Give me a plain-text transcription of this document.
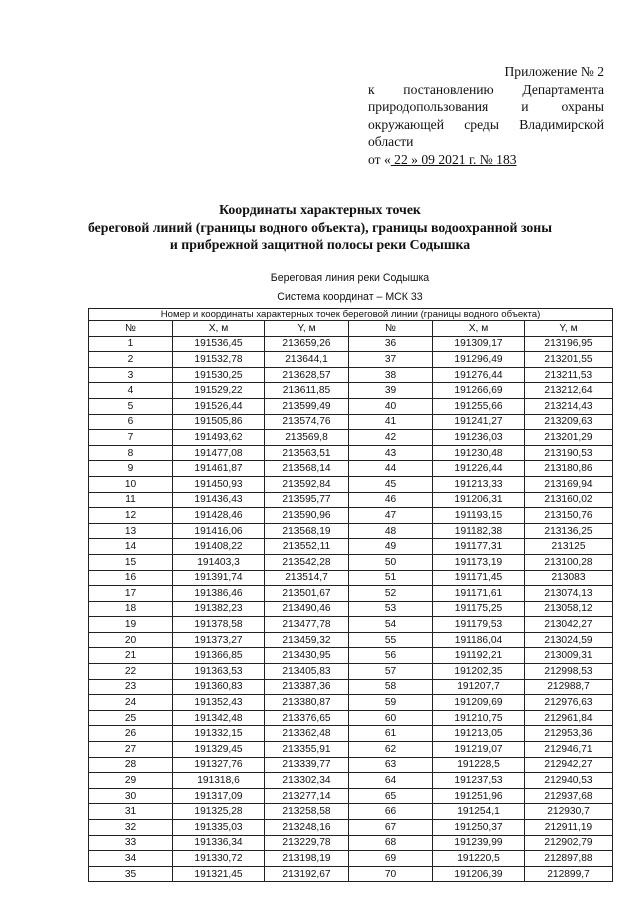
Приложение № 2
к постановлению Департамента
природопользования и охраны
окружающей среды Владимирской
области
от « 22 » 09 2021 г. № 183
Координаты характерных точек
береговой линий (границы водного объекта), границы водоохранной зоны
и прибрежной защитной полосы реки Содышка
Береговая линия реки Содышка
Система координат – МСК 33
Номер и координаты характерных точек береговой линии (границы водного объекта)					
№	X, м	Y, м	№	X, м	Y, м
1	191536,45	213659,26	36	191309,17	213196,95
2	191532,78	213644,1	37	191296,49	213201,55
3	191530,25	213628,57	38	191276,44	213211,53
4	191529,22	213611,85	39	191266,69	213212,64
5	191526,44	213599,49	40	191255,66	213214,43
6	191505,86	213574,76	41	191241,27	213209,63
7	191493,62	213569,8	42	191236,03	213201,29
8	191477,08	213563,51	43	191230,48	213190,53
9	191461,87	213568,14	44	191226,44	213180,86
10	191450,93	213592,84	45	191213,33	213169,94
11	191436,43	213595,77	46	191206,31	213160,02
12	191428,46	213590,96	47	191193,15	213150,76
13	191416,06	213568,19	48	191182,38	213136,25
14	191408,22	213552,11	49	191177,31	213125
15	191403,3	213542,28	50	191173,19	213100,28
16	191391,74	213514,7	51	191171,45	213083
17	191386,46	213501,67	52	191171,61	213074,13
18	191382,23	213490,46	53	191175,25	213058,12
19	191378,58	213477,78	54	191179,53	213042,27
20	191373,27	213459,32	55	191186,04	213024,59
21	191366,85	213430,95	56	191192,21	213009,31
22	191363,53	213405,83	57	191202,35	212998,53
23	191360,83	213387,36	58	191207,7	212988,7
24	191352,43	213380,87	59	191209,69	212976,63
25	191342,48	213376,65	60	191210,75	212961,84
26	191332,15	213362,48	61	191213,05	212953,36
27	191329,45	213355,91	62	191219,07	212946,71
28	191327,76	213339,77	63	191228,5	212942,27
29	191318,6	213302,34	64	191237,53	212940,53
30	191317,09	213277,14	65	191251,96	212937,68
31	191325,28	213258,58	66	191254,1	212930,7
32	191335,03	213248,16	67	191250,37	212911,19
33	191336,34	213229,78	68	191239,99	212902,79
34	191330,72	213198,19	69	191220,5	212897,88
35	191321,45	213192,67	70	191206,39	212899,7
